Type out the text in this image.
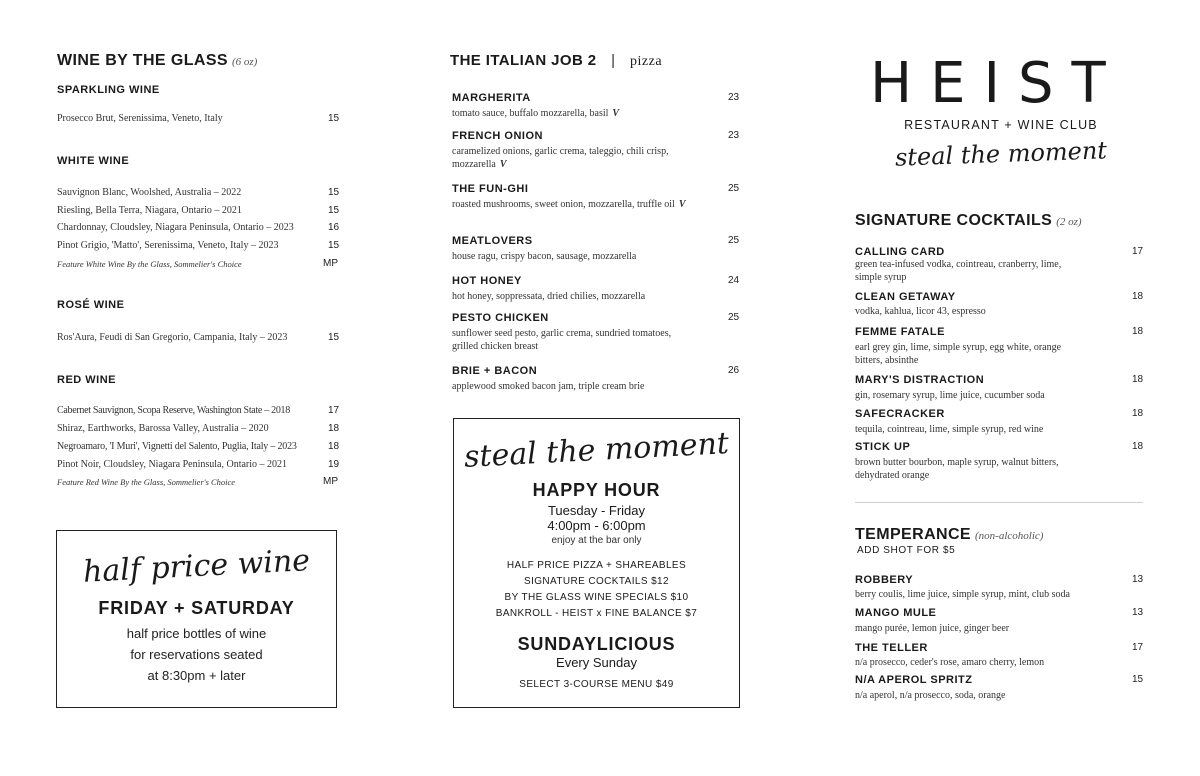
WINE BY THE GLASS (6 oz)
SPARKLING WINE
Prosecco Brut, Serenissima, Veneto, Italy	15
WHITE WINE
Sauvignon Blanc, Woolshed, Australia – 2022	15
Riesling, Bella Terra, Niagara, Ontario – 2021	15
Chardonnay, Cloudsley, Niagara Peninsula, Ontario – 2023	16
Pinot Grigio, 'Matto', Serenissima, Veneto, Italy – 2023	15
Feature White Wine By the Glass, Sommelier's Choice	MP
ROSÉ WINE
Ros'Aura, Feudi di San Gregorio, Campania, Italy – 2023	15
RED WINE
Cabernet Sauvignon, Scopa Reserve, Washington State – 2018	17
Shiraz, Earthworks, Barossa Valley, Australia – 2020	18
Negroamaro, 'I Muri', Vignetti del Salento, Puglia, Italy – 2023	18
Pinot Noir, Cloudsley, Niagara Peninsula, Ontario – 2021	19
Feature Red Wine By the Glass, Sommelier's Choice	MP
half price wine
FRIDAY + SATURDAY
half price bottles of wine
for reservations seated
at 8:30pm + later
THE ITALIAN JOB 2 | pizza
MARGHERITA	23
tomato sauce, buffalo mozzarella, basil V
FRENCH ONION	23
caramelized onions, garlic crema, taleggio, chili crisp, mozzarella V
THE FUN-GHI	25
roasted mushrooms, sweet onion, mozzarella, truffle oil V
MEATLOVERS	25
house ragu, crispy bacon, sausage, mozzarella
HOT HONEY	24
hot honey, soppressata, dried chilies, mozzarella
PESTO CHICKEN	25
sunflower seed pesto, garlic crema, sundried tomatoes, grilled chicken breast
BRIE + BACON	26
applewood smoked bacon jam, triple cream brie
steal the moment
HAPPY HOUR
Tuesday - Friday
4:00pm - 6:00pm
enjoy at the bar only
HALF PRICE PIZZA + SHAREABLES
SIGNATURE COCKTAILS $12
BY THE GLASS WINE SPECIALS $10
BANKROLL - HEIST x FINE BALANCE $7
SUNDAYLICIOUS
Every Sunday
SELECT 3-COURSE MENU $49
HEIST
RESTAURANT + WINE CLUB
steal the moment
SIGNATURE COCKTAILS (2 oz)
CALLING CARD	17
green tea-infused vodka, cointreau, cranberry, lime, simple syrup
CLEAN GETAWAY	18
vodka, kahlua, licor 43, espresso
FEMME FATALE	18
earl grey gin, lime, simple syrup, egg white, orange bitters, absinthe
MARY'S DISTRACTION	18
gin, rosemary syrup, lime juice, cucumber soda
SAFECRACKER	18
tequila, cointreau, lime, simple syrup, red wine
STICK UP	18
brown butter bourbon, maple syrup, walnut bitters, dehydrated orange
TEMPERANCE (non-alcoholic)
ADD SHOT FOR $5
ROBBERY	13
berry coulis, lime juice, simple syrup, mint, club soda
MANGO MULE	13
mango purée, lemon juice, ginger beer
THE TELLER	17
n/a prosecco, ceder's rose, amaro cherry, lemon
N/A APEROL SPRITZ	15
n/a aperol, n/a prosecco, soda, orange
